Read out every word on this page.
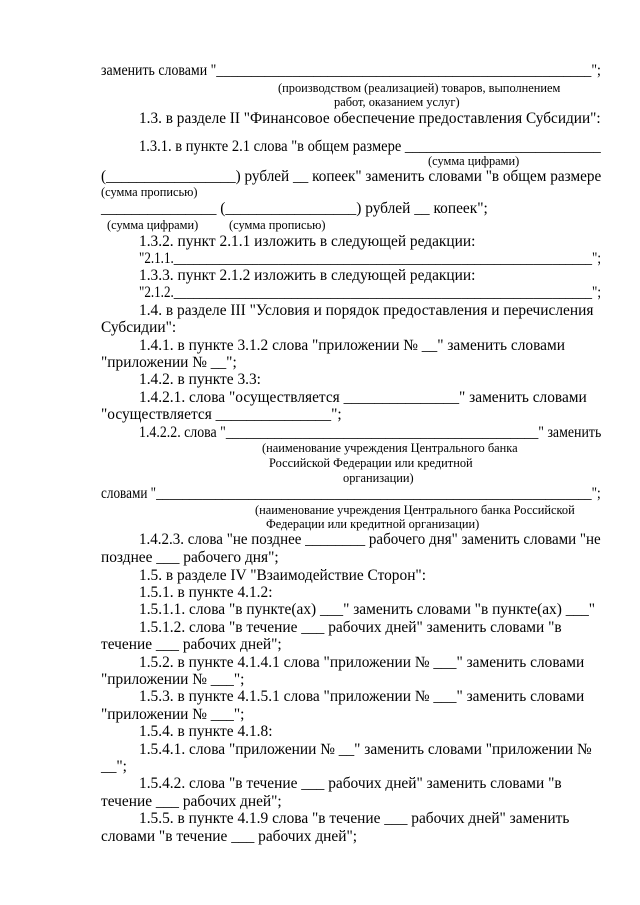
заменить словами "______________________________________________________";
(производством (реализацией) товаров, выполнением
работ, оказанием услуг)
1.3. в разделе II "Финансовое обеспечение предоставления Субсидии":
1.3.1. в пункте 2.1 слова "в общем размере ___________________________
(сумма цифрами)
(_________________) рублей __ копеек" заменить словами "в общем размере
(сумма прописью)
_______________ (_________________) рублей __ копеек";
(сумма цифрами) (сумма прописью)
1.3.2. пункт 2.1.1 изложить в следующей редакции:
"2.1.1.________________________________________________________________";
1.3.3. пункт 2.1.2 изложить в следующей редакции:
"2.1.2.________________________________________________________________";
1.4. в разделе III "Условия и порядок предоставления и перечисления
Субсидии":
1.4.1. в пункте 3.1.2 слова "приложении № __" заменить словами
"приложении № __";
1.4.2. в пункте 3.3:
1.4.2.1. слова "осуществляется _______________" заменить словами
"осуществляется _______________";
1.4.2.2. слова "_____________________________________________" заменить
(наименование учреждения Центрального банка
Российской Федерации или кредитной
организации)
словами "__________________________________________________________________";
(наименование учреждения Центрального банка Российской
Федерации или кредитной организации)
1.4.2.3. слова "не позднее ________ рабочего дня" заменить словами "не
позднее ___ рабочего дня";
1.5. в разделе IV "Взаимодействие Сторон":
1.5.1. в пункте 4.1.2:
1.5.1.1. слова "в пункте(ах) ___" заменить словами "в пункте(ах) ___"
1.5.1.2. слова "в течение ___ рабочих дней" заменить словами "в
течение ___ рабочих дней";
1.5.2. в пункте 4.1.4.1 слова "приложении № ___" заменить словами
"приложении № ___";
1.5.3. в пункте 4.1.5.1 слова "приложении № ___" заменить словами
"приложении № ___";
1.5.4. в пункте 4.1.8:
1.5.4.1. слова "приложении № __" заменить словами "приложении №
__";
1.5.4.2. слова "в течение ___ рабочих дней" заменить словами "в
течение ___ рабочих дней";
1.5.5. в пункте 4.1.9 слова "в течение ___ рабочих дней" заменить
словами "в течение ___ рабочих дней";
